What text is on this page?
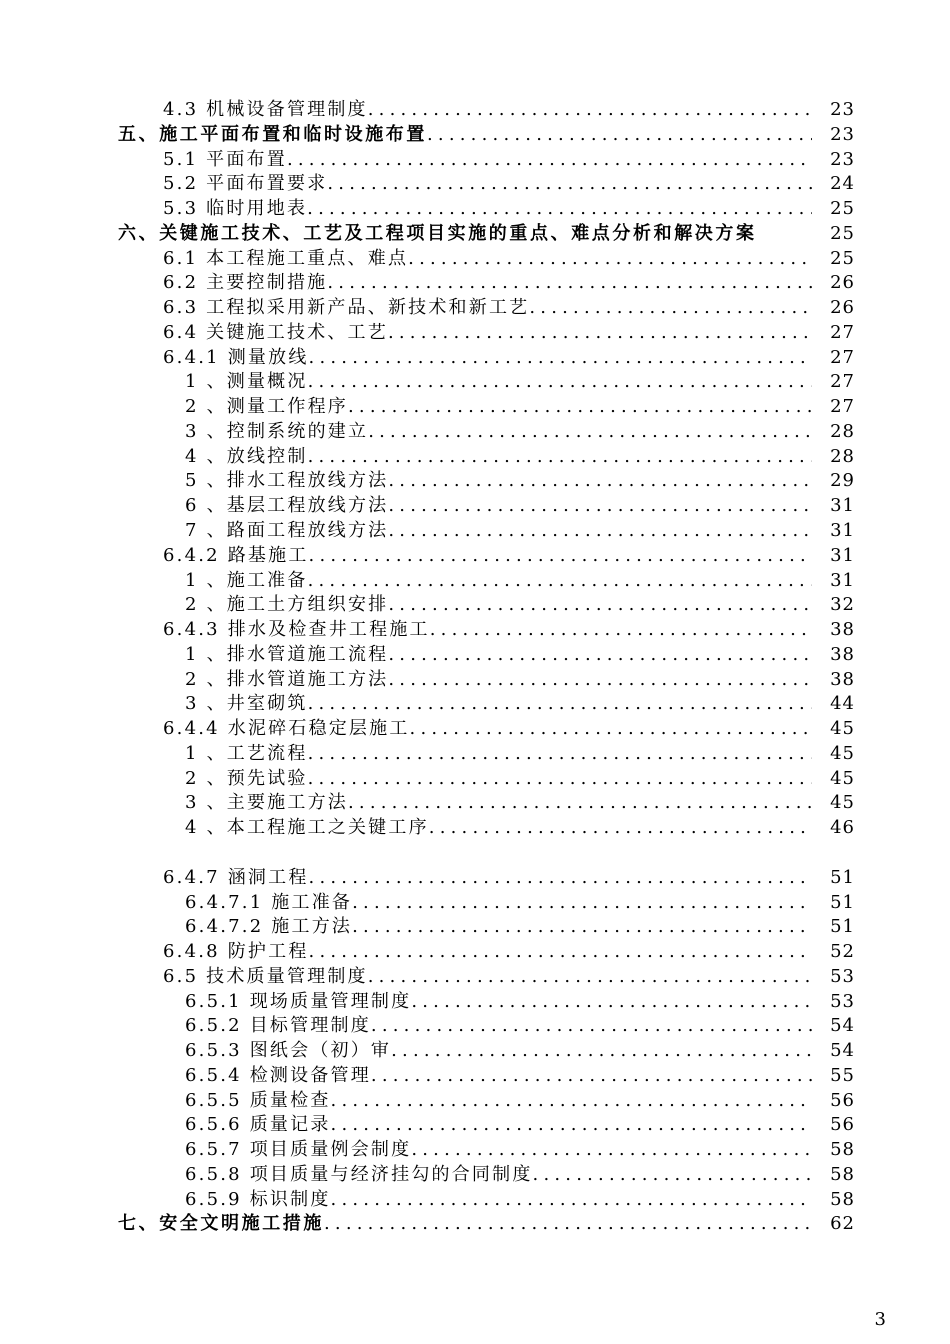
4.3 机械设备管理制度 .....	23
五、施工平面布置和临时设施布置 .....	23
5.1 平面布置 .....	23
5.2 平面布置要求 .....	24
5.3 临时用地表 .....	25
六、关键施工技术、工艺及工程项目实施的重点、难点分析和解决方案	25
6.1 本工程施工重点、难点 .....	25
6.2 主要控制措施 .....	26
6.3 工程拟采用新产品、新技术和新工艺 .....	26
6.4 关键施工技术、工艺 .....	27
6.4.1 测量放线 .....	27
1 、测量概况 .....	27
2 、测量工作程序 .....	27
3 、控制系统的建立 .....	28
4 、放线控制 .....	28
5 、排水工程放线方法 .....	29
6 、基层工程放线方法 .....	31
7 、路面工程放线方法 .....	31
6.4.2 路基施工 .....	31
1 、施工准备 .....	31
2 、施工土方组织安排 .....	32
6.4.3 排水及检查井工程施工 .....	38
1 、排水管道施工流程 .....	38
2 、排水管道施工方法 .....	38
3 、井室砌筑 .....	44
6.4.4 水泥碎石稳定层施工 .....	45
1 、工艺流程 .....	45
2 、预先试验 .....	45
3 、主要施工方法 .....	45
4 、本工程施工之关键工序 .....	46
6.4.7 涵洞工程 .....	51
6.4.7.1 施工准备 .....	51
6.4.7.2 施工方法 .....	51
6.4.8 防护工程 .....	52
6.5 技术质量管理制度 .....	53
6.5.1 现场质量管理制度 .....	53
6.5.2 目标管理制度 .....	54
6.5.3 图纸会（初）审 .....	54
6.5.4 检测设备管理 .....	55
6.5.5 质量检查 .....	56
6.5.6 质量记录 .....	56
6.5.7 项目质量例会制度 .....	58
6.5.8 项目质量与经济挂勾的合同制度 .....	58
6.5.9 标识制度 .....	58
七、安全文明施工措施 .....	62
3
